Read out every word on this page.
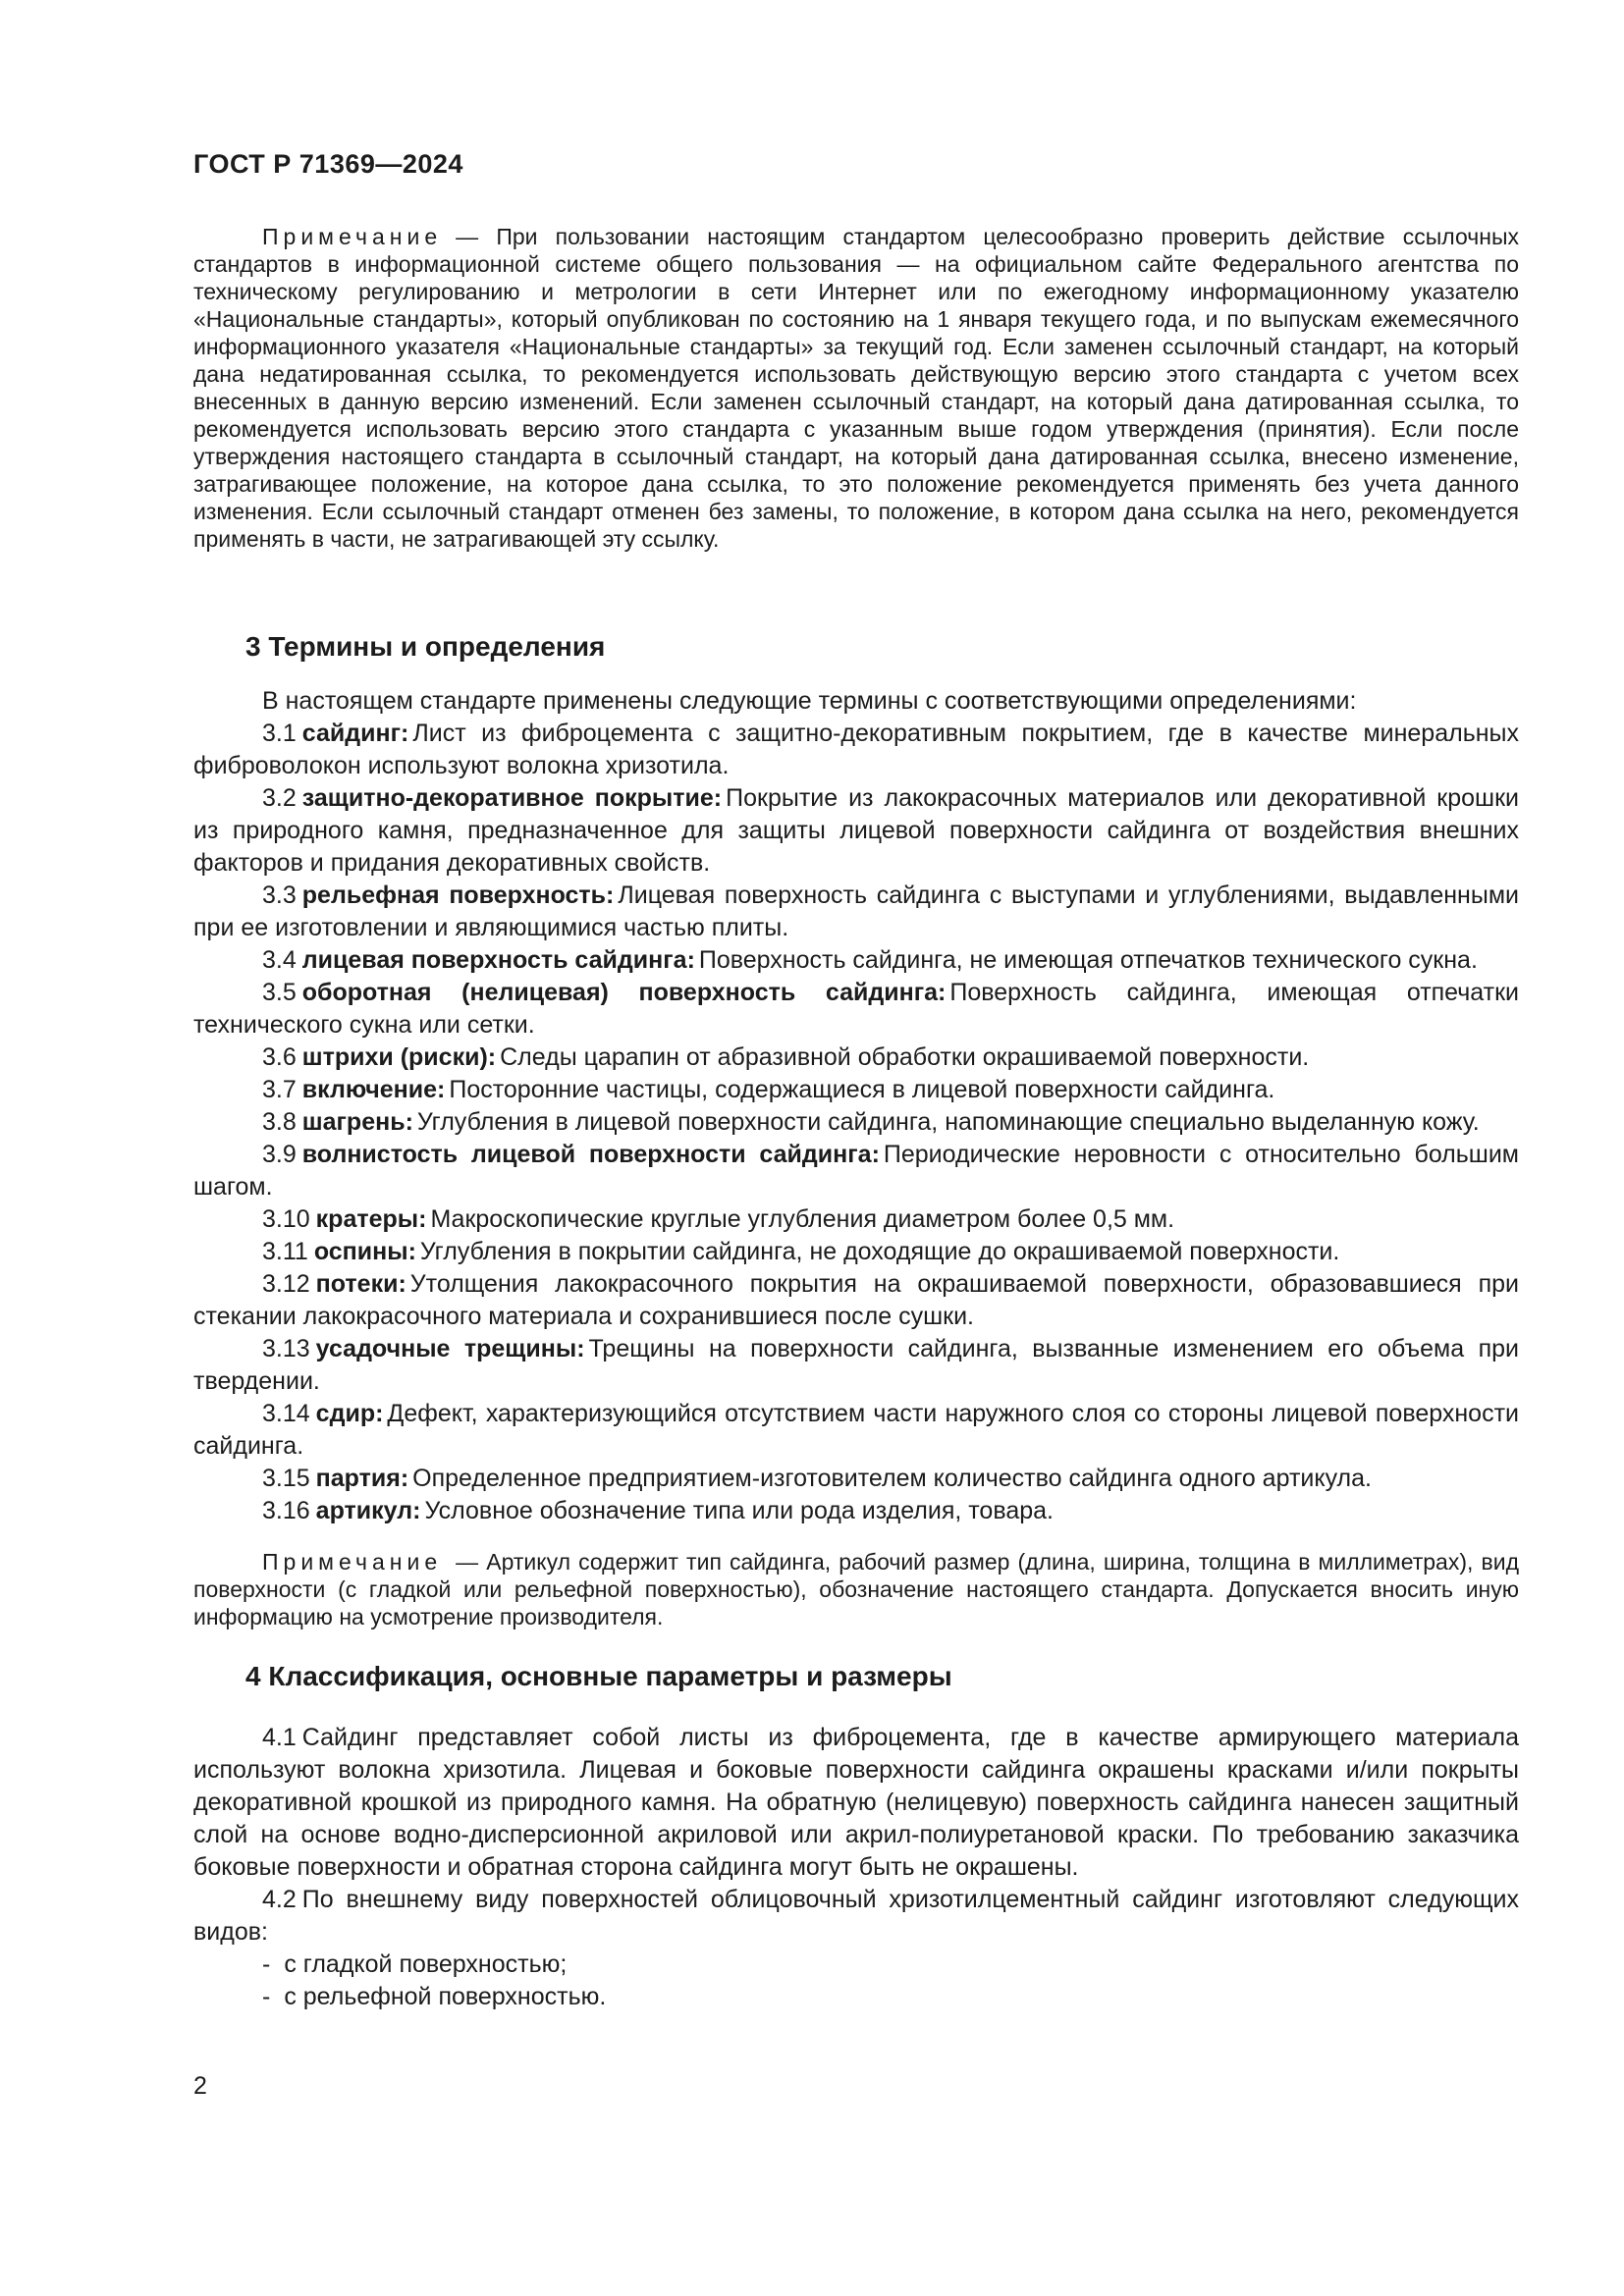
ГОСТ Р 71369—2024

Примечание — При пользовании настоящим стандартом целесообразно проверить действие ссылочных стандартов в информационной системе общего пользования — на официальном сайте Федерального агентства по техническому регулированию и метрологии в сети Интернет или по ежегодному информационному указателю «Национальные стандарты», который опубликован по состоянию на 1 января текущего года, и по выпускам ежемесячного информационного указателя «Национальные стандарты» за текущий год. Если заменен ссылочный стандарт, на который дана недатированная ссылка, то рекомендуется использовать действующую версию этого стандарта с учетом всех внесенных в данную версию изменений. Если заменен ссылочный стандарт, на который дана датированная ссылка, то рекомендуется использовать версию этого стандарта с указанным выше годом утверждения (принятия). Если после утверждения настоящего стандарта в ссылочный стандарт, на который дана датированная ссылка, внесено изменение, затрагивающее положение, на которое дана ссылка, то это положение рекомендуется применять без учета данного изменения. Если ссылочный стандарт отменен без замены, то положение, в котором дана ссылка на него, рекомендуется применять в части, не затрагивающей эту ссылку.

3 Термины и определения

В настоящем стандарте применены следующие термины с соответствующими определениями:

3.1 сайдинг: Лист из фиброцемента с защитно-декоративным покрытием, где в качестве минеральных фиброволокон используют волокна хризотила.

3.2 защитно-декоративное покрытие: Покрытие из лакокрасочных материалов или декоративной крошки из природного камня, предназначенное для защиты лицевой поверхности сайдинга от воздействия внешних факторов и придания декоративных свойств.

3.3 рельефная поверхность: Лицевая поверхность сайдинга с выступами и углублениями, выдавленными при ее изготовлении и являющимися частью плиты.

3.4 лицевая поверхность сайдинга: Поверхность сайдинга, не имеющая отпечатков технического сукна.

3.5 оборотная (нелицевая) поверхность сайдинга: Поверхность сайдинга, имеющая отпечатки технического сукна или сетки.

3.6 штрихи (риски): Следы царапин от абразивной обработки окрашиваемой поверхности.

3.7 включение: Посторонние частицы, содержащиеся в лицевой поверхности сайдинга.

3.8 шагрень: Углубления в лицевой поверхности сайдинга, напоминающие специально выделанную кожу.

3.9 волнистость лицевой поверхности сайдинга: Периодические неровности с относительно большим шагом.

3.10 кратеры: Макроскопические круглые углубления диаметром более 0,5 мм.

3.11 оспины: Углубления в покрытии сайдинга, не доходящие до окрашиваемой поверхности.

3.12 потеки: Утолщения лакокрасочного покрытия на окрашиваемой поверхности, образовавшиеся при стекании лакокрасочного материала и сохранившиеся после сушки.

3.13 усадочные трещины: Трещины на поверхности сайдинга, вызванные изменением его объема при твердении.

3.14 сдир: Дефект, характеризующийся отсутствием части наружного слоя со стороны лицевой поверхности сайдинга.

3.15 партия: Определенное предприятием-изготовителем количество сайдинга одного артикула.

3.16 артикул: Условное обозначение типа или рода изделия, товара.

Примечание — Артикул содержит тип сайдинга, рабочий размер (длина, ширина, толщина в миллиметрах), вид поверхности (с гладкой или рельефной поверхностью), обозначение настоящего стандарта. Допускается вносить иную информацию на усмотрение производителя.

4 Классификация, основные параметры и размеры

4.1 Сайдинг представляет собой листы из фиброцемента, где в качестве армирующего материала используют волокна хризотила. Лицевая и боковые поверхности сайдинга окрашены красками и/или покрыты декоративной крошкой из природного камня. На обратную (нелицевую) поверхность сайдинга нанесен защитный слой на основе водно-дисперсионной акриловой или акрил-полиуретановой краски. По требованию заказчика боковые поверхности и обратная сторона сайдинга могут быть не окрашены.

4.2 По внешнему виду поверхностей облицовочный хризотилцементный сайдинг изготовляют следующих видов:

- с гладкой поверхностью;

- с рельефной поверхностью.

2
